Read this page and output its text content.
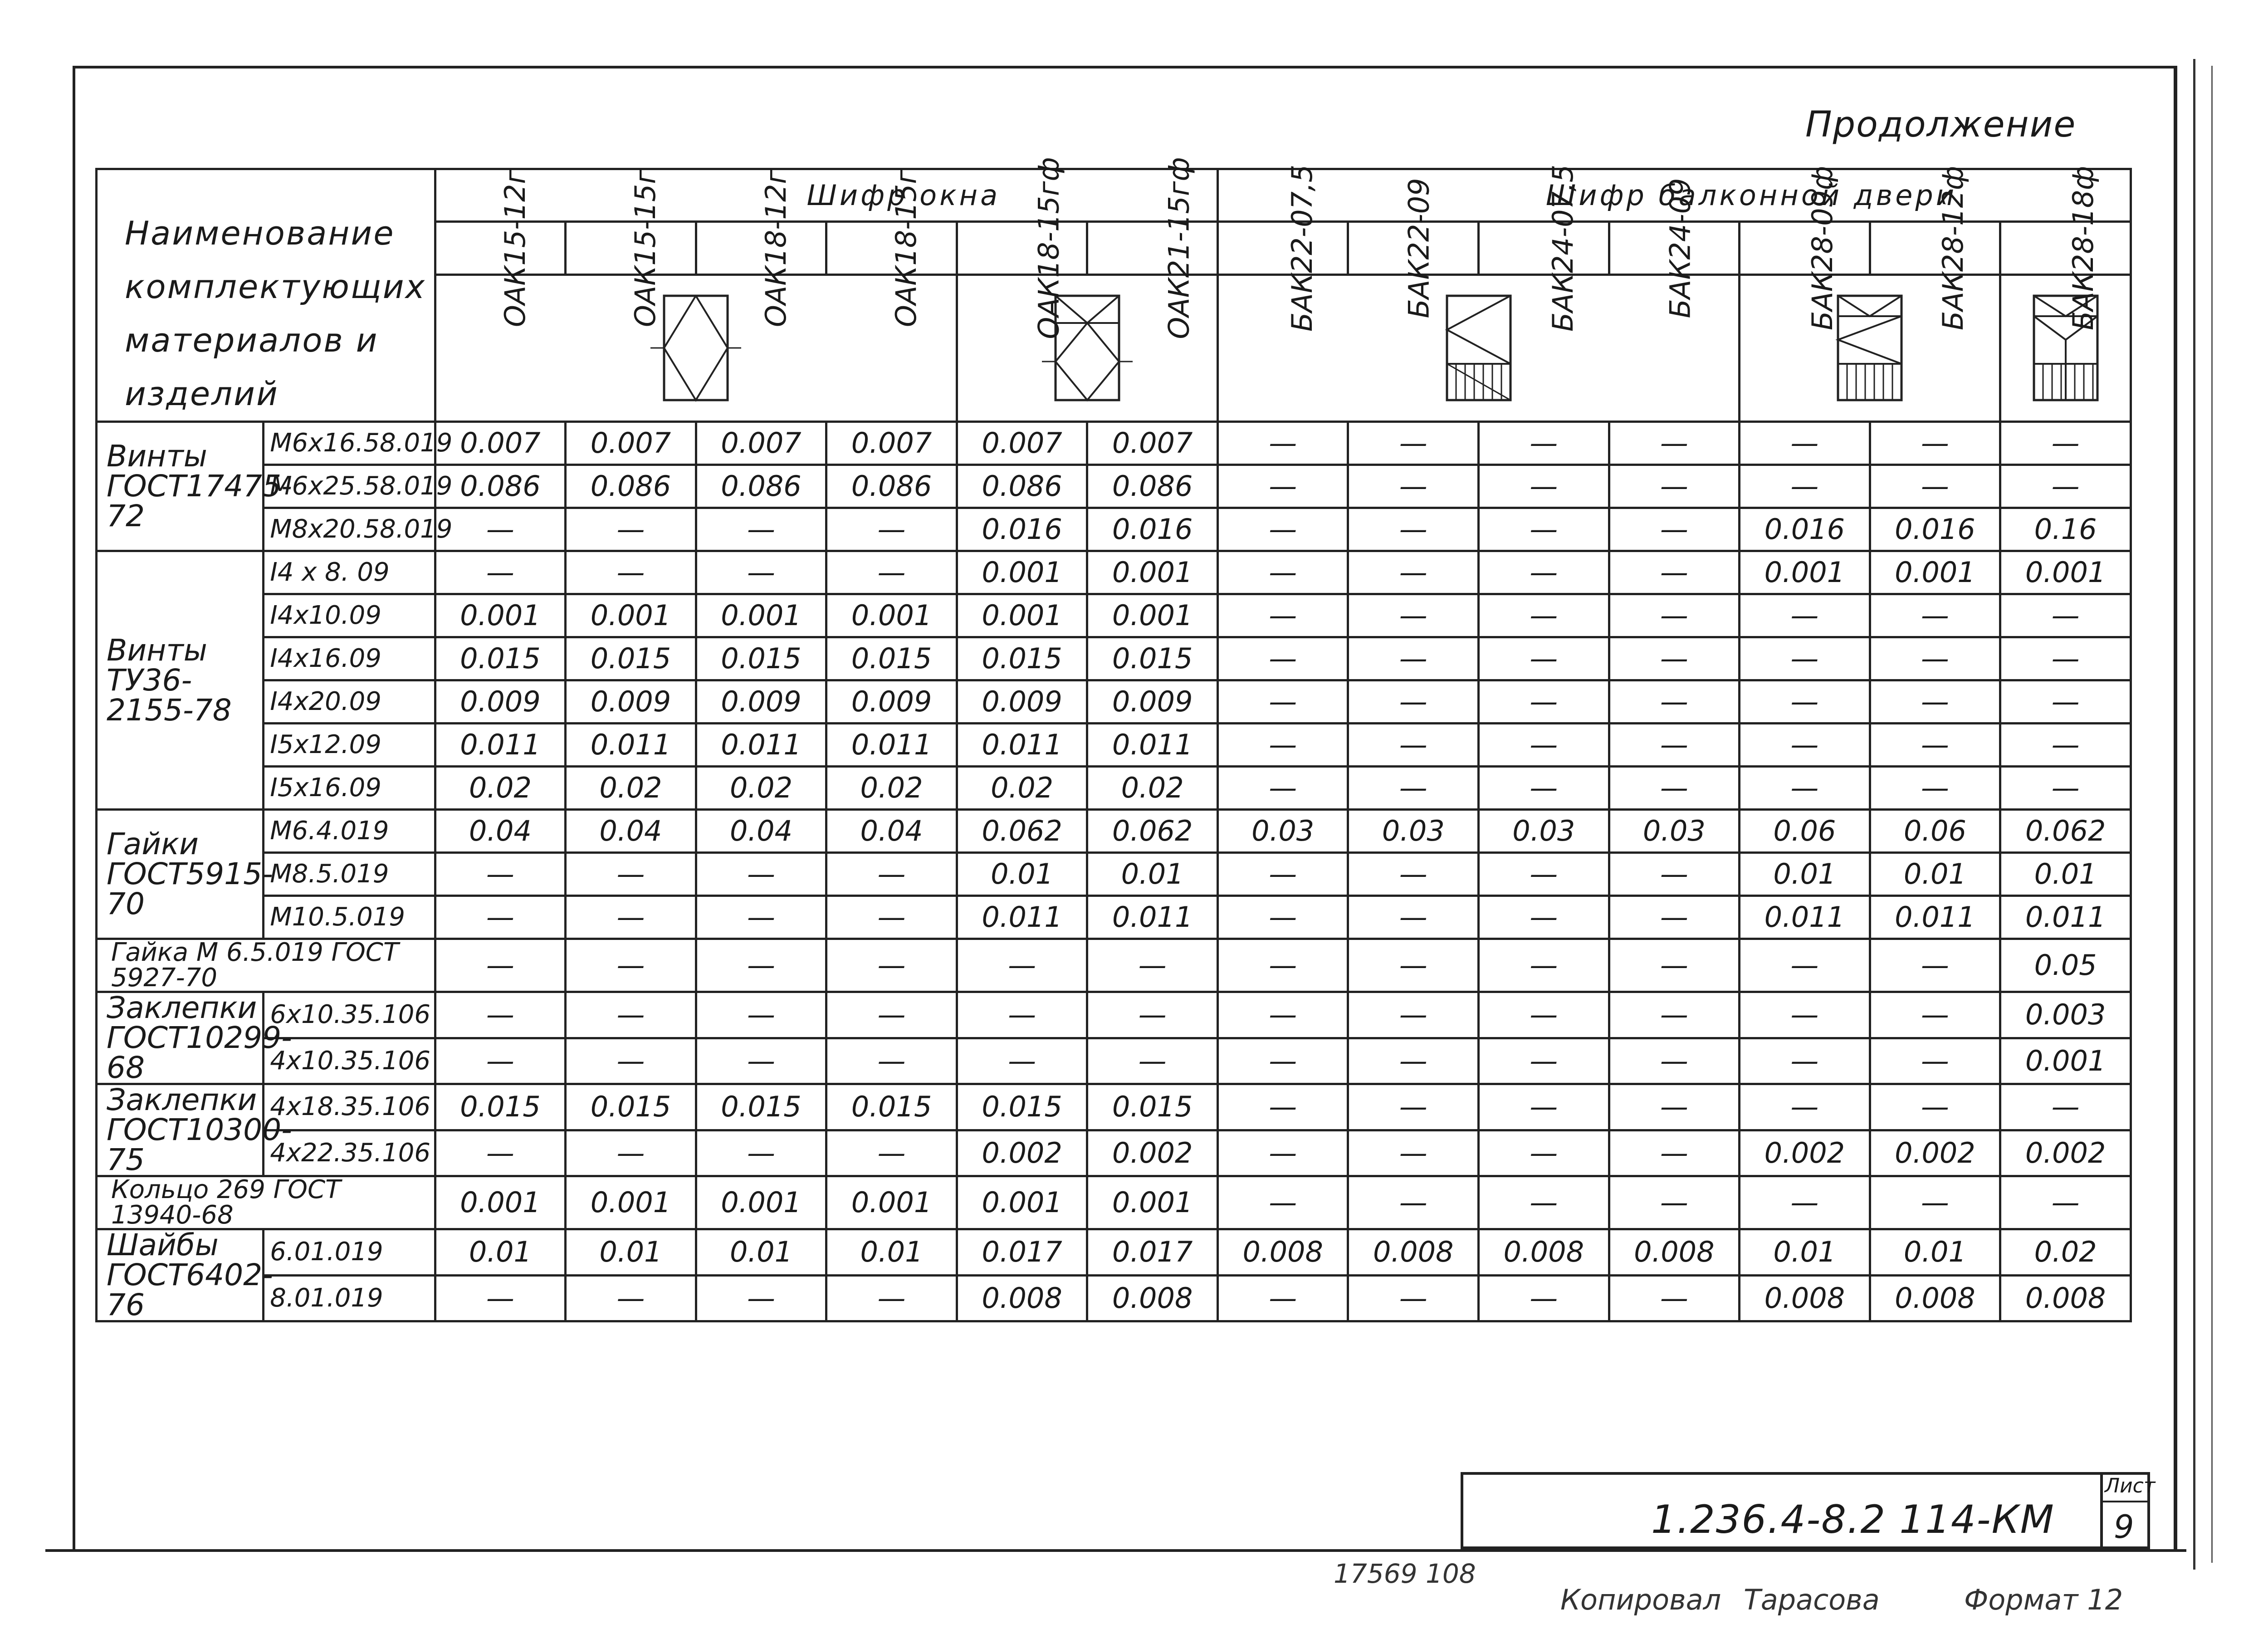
Продолжение
Наименование комплектующих материалов и изделий		Шифр окна						Шифр балконной двери						
		ОАК15-12г	ОАК15-15г	ОАК18-12г	ОАК18-15г	ОАК18-15гф	ОАК21-15гф	БАК22-07,5	БАК22-09	БАК24-07,5	БАК24-09	БАК28-09ф	БАК28-12ф	БАК28-18ф

Винты ГОСТ17475-72	М6х16.58.019	0.007	0.007	0.007	0.007	0.007	0.007	—	—	—	—	—	—	—
	М6х25.58.019	0.086	0.086	0.086	0.086	0.086	0.086	—	—	—	—	—	—	—
	М8х20.58.019	—	—	—	—	0.016	0.016	—	—	—	—	0.016	0.016	0.16
Винты ТУ36-2155-78	I4 x 8. 09	—	—	—	—	0.001	0.001	—	—	—	—	0.001	0.001	0.001
	I4x10.09	0.001	0.001	0.001	0.001	0.001	0.001	—	—	—	—	—	—	—
	I4x16.09	0.015	0.015	0.015	0.015	0.015	0.015	—	—	—	—	—	—	—
	I4x20.09	0.009	0.009	0.009	0.009	0.009	0.009	—	—	—	—	—	—	—
	I5x12.09	0.011	0.011	0.011	0.011	0.011	0.011	—	—	—	—	—	—	—
	I5x16.09	0.02	0.02	0.02	0.02	0.02	0.02	—	—	—	—	—	—	—
Гайки ГОСТ5915-70	М6.4.019	0.04	0.04	0.04	0.04	0.062	0.062	0.03	0.03	0.03	0.03	0.06	0.06	0.062
	М8.5.019	—	—	—	—	0.01	0.01	—	—	—	—	0.01	0.01	0.01
	М10.5.019	—	—	—	—	0.011	0.011	—	—	—	—	0.011	0.011	0.011
Гайка М 6.5.019 ГОСТ 5927-70		—	—	—	—	—	—	—	—	—	—	—	—	0.05
Заклепки ГОСТ10299-68	6х10.35.106	—	—	—	—	—	—	—	—	—	—	—	—	0.003
	4х10.35.106	—	—	—	—	—	—	—	—	—	—	—	—	0.001
Заклепки ГОСТ10300-75	4х18.35.106	0.015	0.015	0.015	0.015	0.015	0.015	—	—	—	—	—	—	—
	4х22.35.106	—	—	—	—	0.002	0.002	—	—	—	—	0.002	0.002	0.002
Кольцо 269 ГОСТ 13940-68		0.001	0.001	0.001	0.001	0.001	0.001	—	—	—	—	—	—	—
Шайбы ГОСТ6402-76	6.01.019	0.01	0.01	0.01	0.01	0.017	0.017	0.008	0.008	0.008	0.008	0.01	0.01	0.02
	8.01.019	—	—	—	—	0.008	0.008	—	—	—	—	0.008	0.008	0.008
1.236.4-8.2 114-КМ
Лист
9
17569 108
Копировал Тарасова	Формат 12
